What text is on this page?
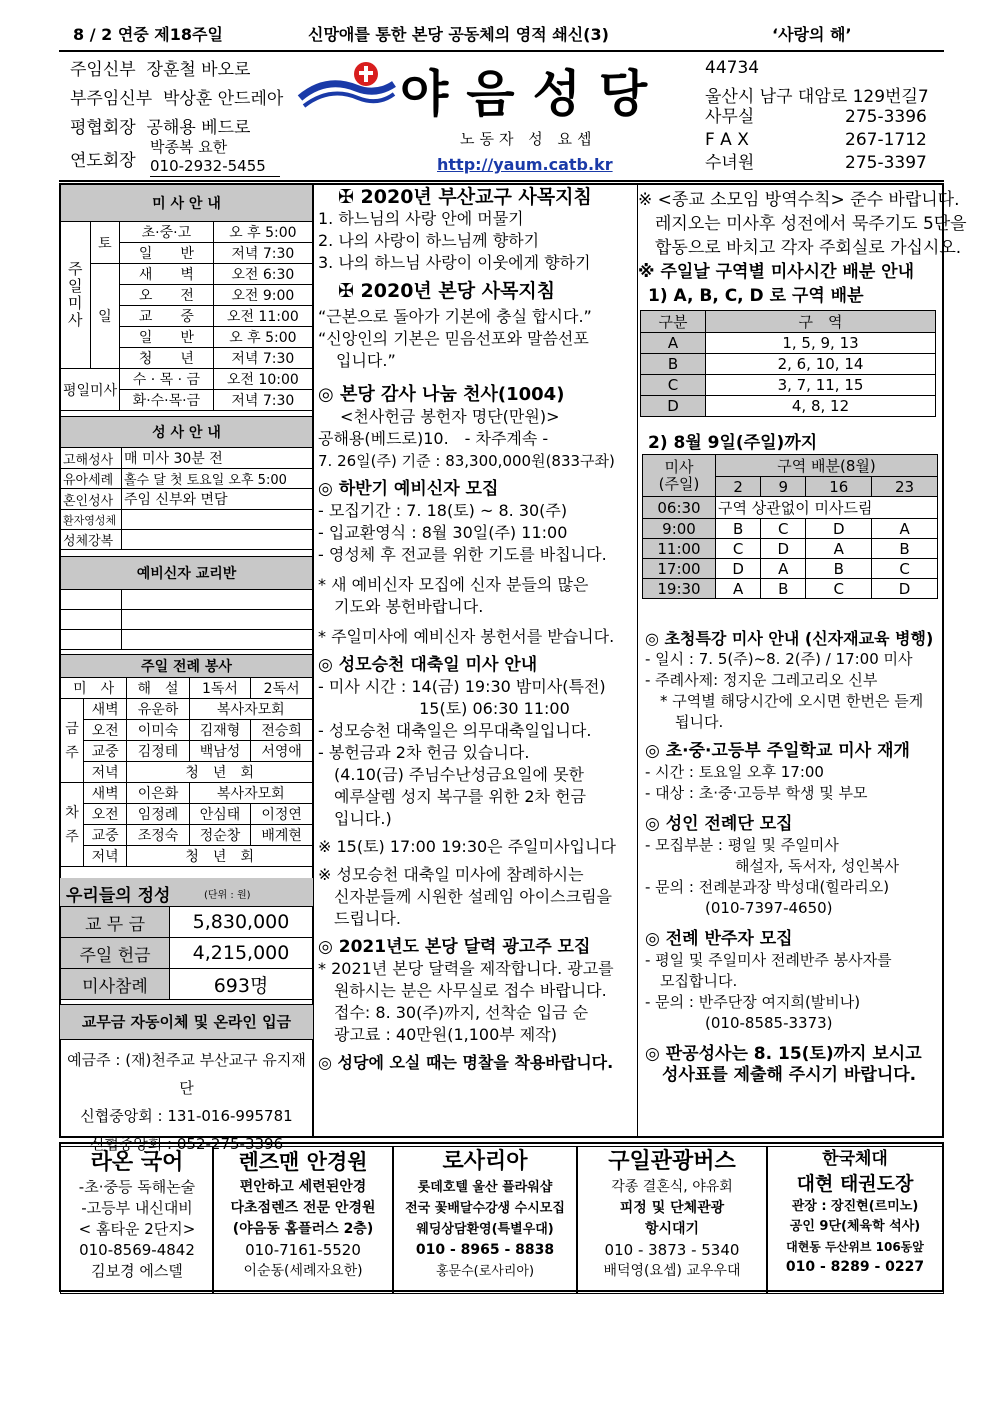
8 / 2 연중 제18주일	신망애를 통한 본당 공동체의 영적 쇄신(3)	‘사랑의 해’
주임신부 장훈철 바오로
부주임신부 박상훈 안드레아
평협회장 공해용 베드로
연도회장
박종복 요한
010-2932-5455
야음성당
노동자 성 요셉
http://yaum.catb.kr
44734
울산시 남구 대암로 129번길7
사무실	275-3396
F A X	267-1712
수녀원	275-3397
미 사 안 내			
주일미사	토	초·중·고	오 후 5:00
		일　　반	저녁 7:30
	일	새　　벽	오전 6:30
		오　　전	오전 9:00
		교　　중	오전 11:00
		일　　반	오 후 5:00
		청　　년	저녁 7:30
평일미사		수 · 목 · 금	오전 10:00
		화·수·목·금	저녁 7:30
성 사 안 내	
고해성사	매 미사 30분 전
유아세례	홀수 달 첫 토요일 오후 5:00
혼인성사	주임 신부와 면담
환자영성체	
성체강복	
예비신자 교리반	

주일 전례 봉사				
미　사		해　설	1독서	2독서
금주	새벽	유운하	복사자모회	
	오전	이미숙	김재형	전승희
	교중	김정테	백남성	서영애
	저녁	청　년　회		
차주	새벽	이은화	복사자모회	
	오전	임정례	안심태	이정연
	교중	조정숙	정순창	배계현
	저녁	청　년　회		
우리들의 정성	(단위 : 원)
교 무 금	5,830,000
주일 헌금	4,215,000
미사참례	693명
교무금 자동이체 및 온라인 입금
예금주 : (재)천주교 부산교구 유지재단
신협중앙회 : 131-016-995781
신협중앙회 : 052-275-3396
✠ 2020년 부산교구 사목지침
1. 하느님의 사랑 안에 머물기
2. 나의 사랑이 하느님께 향하기
3. 나의 하느님 사랑이 이웃에게 향하기
✠ 2020년 본당 사목지침
“근본으로 돌아가 기본에 충실 합시다.”
“신앙인의 기본은 믿음선포와 말씀선포
입니다.”
◎ 본당 감사 나눔 천사(1004)
<천사헌금 봉헌자 명단(만원)>
공해용(베드로)10.　- 차주계속 -
7. 26일(주) 기준 : 83,300,000원(833구좌)
◎ 하반기 예비신자 모집
- 모집기간 : 7. 18(토) ~ 8. 30(주)
- 입교환영식 : 8월 30일(주) 11:00
- 영성체 후 전교를 위한 기도를 바칩니다.
* 새 예비신자 모집에 신자 분들의 많은
　기도와 봉헌바랍니다.
* 주일미사에 예비신자 봉헌서를 받습니다.
◎ 성모승천 대축일 미사 안내
- 미사 시간 : 14(금) 19:30 밤미사(특전)
　　　　　　 15(토) 06:30 11:00
- 성모승천 대축일은 의무대축일입니다.
- 봉헌금과 2차 헌금 있습니다.
　(4.10(금) 주님수난성금요일에 못한
　예루살렘 성지 복구를 위한 2차 헌금
　입니다.)
※ 15(토) 17:00 19:30은 주일미사입니다
※ 성모승천 대축일 미사에 참례하시는
　신자분들께 시원한 설레임 아이스크림을
　드립니다.
◎ 2021년도 본당 달력 광고주 모집
* 2021년 본당 달력을 제작합니다. 광고를
　원하시는 분은 사무실로 접수 바랍니다.
　접수: 8. 30(주)까지, 선착순 입금 순
　광고료 : 40만원(1,100부 제작)
◎ 성당에 오실 때는 명찰을 착용바랍니다.
※ <종교 소모임 방역수칙> 준수 바랍니다.
　레지오는 미사후 성전에서 묵주기도 5단을
　합동으로 바치고 각자 주회실로 가십시오.
※ 주일날 구역별 미사시간 배분 안내
1) A, B, C, D 로 구역 배분
구분	구　역
A	1, 5, 9, 13
B	2, 6, 10, 14
C	3, 7, 11, 15
D	4, 8, 12
2) 8월 9일(주일)까지
미사
(주일)	구역 배분(8월)			
	2	9	16	23
06:30	구역 상관없이 미사드림			
9:00	B	C	D	A
11:00	C	D	A	B
17:00	D	A	B	C
19:30	A	B	C	D
◎ 초청특강 미사 안내 (신자재교육 병행)
- 일시 : 7. 5(주)~8. 2(주) / 17:00 미사
- 주례사제: 정지운 그레고리오 신부
　* 구역별 해당시간에 오시면 한번은 듣게
　　됩니다.
◎ 초·중·고등부 주일학교 미사 재개
- 시간 : 토요일 오후 17:00
- 대상 : 초·중·고등부 학생 및 부모
◎ 성인 전례단 모집
- 모집부분 : 평일 및 주일미사
　　　　　　해설자, 독서자, 성인복사
- 문의 : 전례분과장 박성대(힐라리오)
　　　　(010-7397-4650)
◎ 전례 반주자 모집
- 평일 및 주일미사 전례반주 봉사자를
　모집합니다.
- 문의 : 반주단장 여지희(발비나)
　　　　(010-8585-3373)
◎ 판공성사는 8. 15(토)까지 보시고
　성사표를 제출해 주시기 바랍니다.
라온 국어
-초·중등 독해논술
-고등부 내신대비
< 홈타운 2단지>
010-8569-4842
김보경 에스델
렌즈맨 안경원
편안하고 세련된안경
다초점렌즈 전문 안경원
(야음동 홈플러스 2층)
010-7161-5520
이순동(세례자요한)
로사리아
롯데호텔 울산 플라워샵
전국 꽃배달수강생 수시모집
웨딩상담환영(특별우대)
010 - 8965 - 8838
홍문수(로사리아)
구일관광버스
각종 결혼식, 야유회
피정 및 단체관광
항시대기
010 - 3873 - 5340
배덕영(요셉) 교우우대
한국체대
대현 태권도장
관장 : 장진현(르미노)
공인 9단(체육학 석사)
대현동 두산위브 106동앞
010 - 8289 - 0227
